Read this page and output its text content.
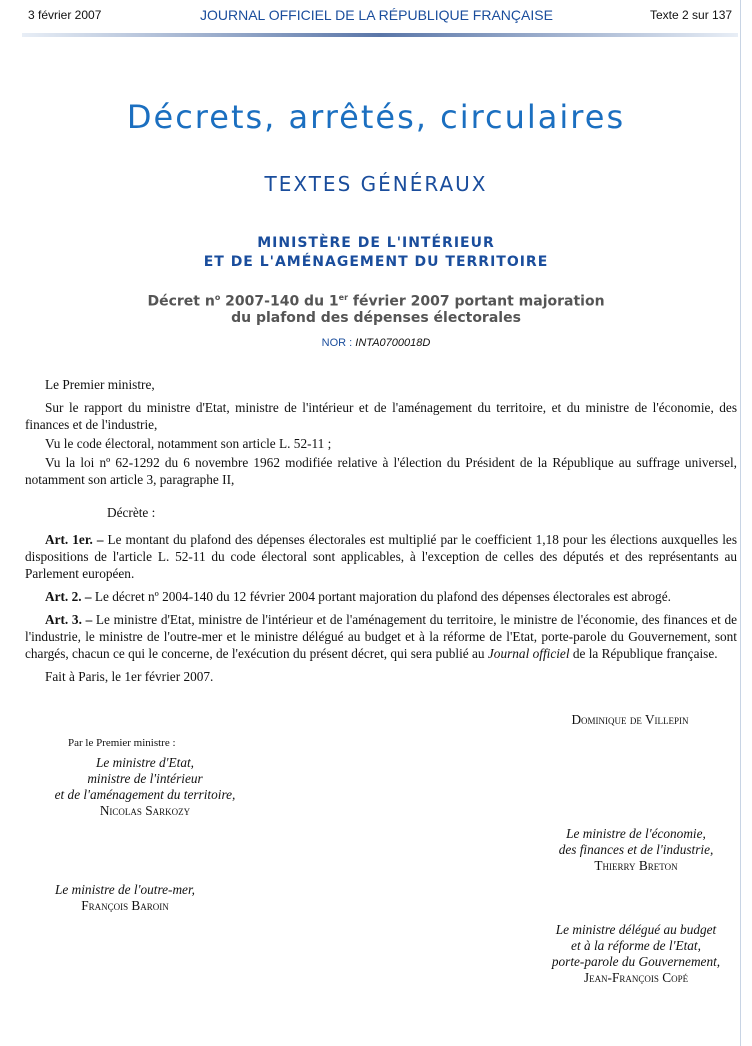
3 février 2007	JOURNAL OFFICIEL DE LA RÉPUBLIQUE FRANÇAISE	Texte 2 sur 137
Décrets, arrêtés, circulaires
TEXTES GÉNÉRAUX
MINISTÈRE DE L'INTÉRIEUR
ET DE L'AMÉNAGEMENT DU TERRITOIRE
Décret $n^o$ 2007-140 du 1er février 2007 portant majoration
du plafond des dépenses électorales
NOR : INTA0700018D

Le Premier ministre,

Sur le rapport du ministre d'Etat, ministre de l'intérieur et de l'aménagement du territoire, et du ministre de l'économie, des finances et de l'industrie,

Vu le code électoral, notamment son article L. 52-11 ;

Vu la loi nº 62-1292 du 6 novembre 1962 modifiée relative à l'élection du Président de la République au suffrage universel, notamment son article 3, paragraphe II,

Décrète :

Art. 1er. – Le montant du plafond des dépenses électorales est multiplié par le coefficient 1,18 pour les élections auxquelles les dispositions de l'article L. 52-11 du code électoral sont applicables, à l'exception de celles des députés et des représentants au Parlement européen.

Art. 2. – Le décret nº 2004-140 du 12 février 2004 portant majoration du plafond des dépenses électorales est abrogé.

Art. 3. – Le ministre d'Etat, ministre de l'intérieur et de l'aménagement du territoire, le ministre de l'économie, des finances et de l'industrie, le ministre de l'outre-mer et le ministre délégué au budget et à la réforme de l'Etat, porte-parole du Gouvernement, sont chargés, chacun ce qui le concerne, de l'exécution du présent décret, qui sera publié au Journal officiel de la République française.

Fait à Paris, le 1er février 2007.

Dominique de Villepin
Par le Premier ministre :
Le ministre d'Etat,
ministre de l'intérieur
et de l'aménagement du territoire,
Nicolas Sarkozy
Le ministre de l'économie,
des finances et de l'industrie,
Thierry Breton
Le ministre de l'outre-mer,
François Baroin
Le ministre délégué au budget
et à la réforme de l'Etat,
porte-parole du Gouvernement,
Jean-François Copé
